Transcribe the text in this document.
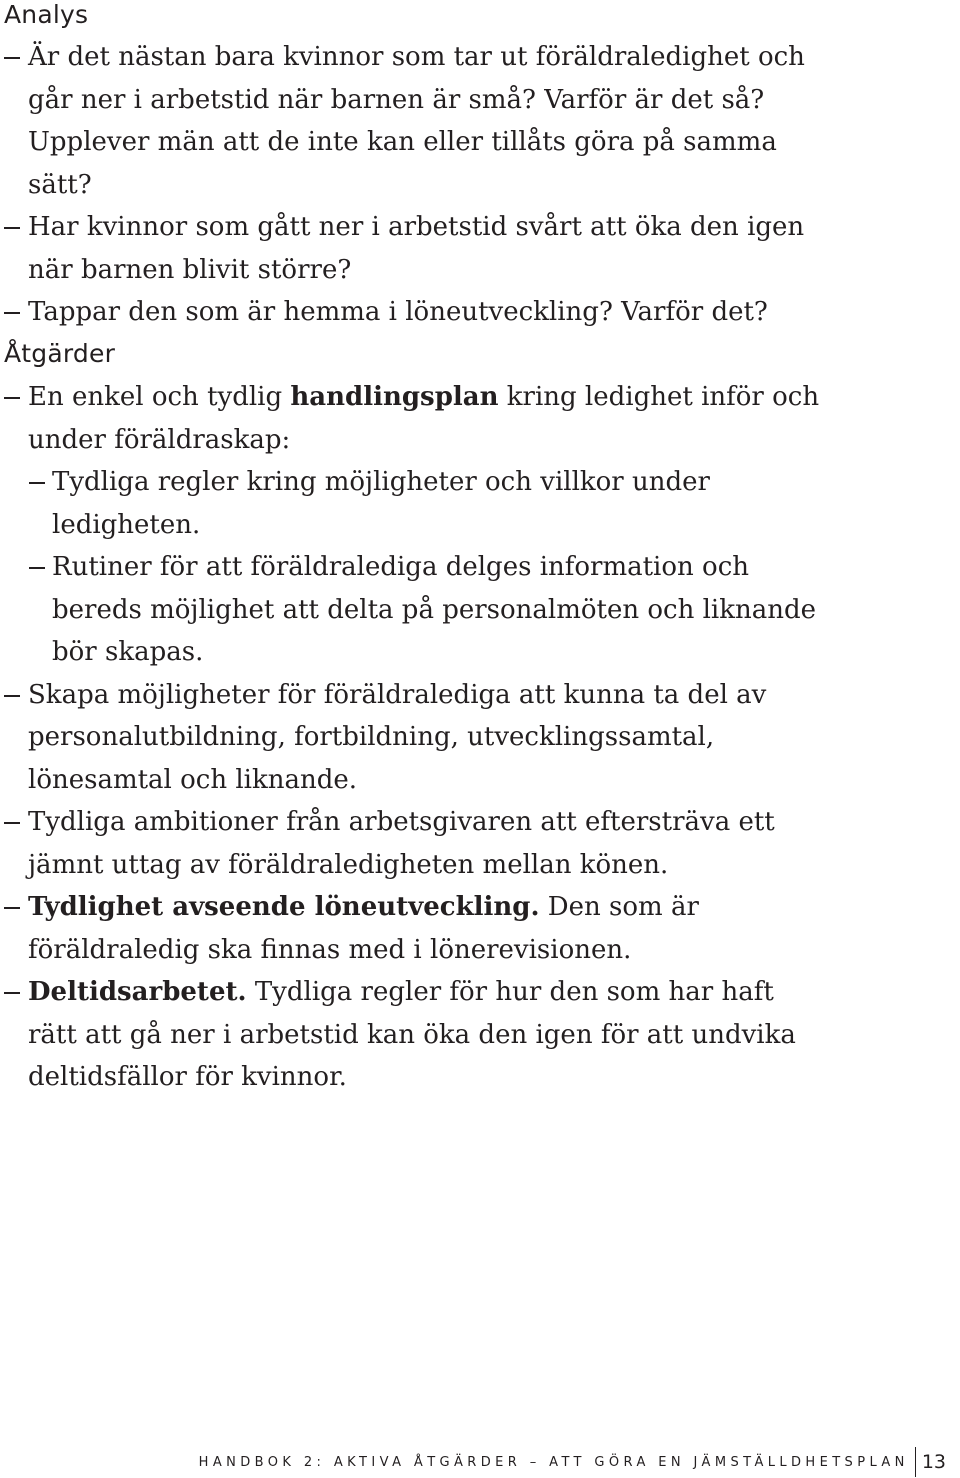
Analys
Är det nästan bara kvinnor som tar ut föräldraledighet och går ner i arbetstid när barnen är små? Varför är det så? Upplever män att de inte kan eller tillåts göra på samma sätt?
Har kvinnor som gått ner i arbetstid svårt att öka den igen när barnen blivit större?
Tappar den som är hemma i löneutveckling? Varför det?
Åtgärder
En enkel och tydlig handlingsplan kring ledighet inför och under föräldraskap:
Tydliga regler kring möjligheter och villkor under ledigheten.
Rutiner för att föräldralediga delges information och bereds möjlighet att delta på personalmöten och liknande bör skapas.
Skapa möjligheter för föräldralediga att kunna ta del av personalutbildning, fortbildning, utvecklingssamtal, lönesamtal och liknande.
Tydliga ambitioner från arbetsgivaren att eftersträva ett jämnt uttag av föräldraledigheten mellan könen.
Tydlighet avseende löneutveckling. Den som är föräldraledig ska finnas med i lönerevisionen.
Deltidsarbetet. Tydliga regler för hur den som har haft rätt att gå ner i arbetstid kan öka den igen för att undvika deltidsfällor för kvinnor.
HANDBOK 2: AKTIVA ÅTGÄRDER – ATT GÖRA EN JÄMSTÄLLDHETSPLAN 13
